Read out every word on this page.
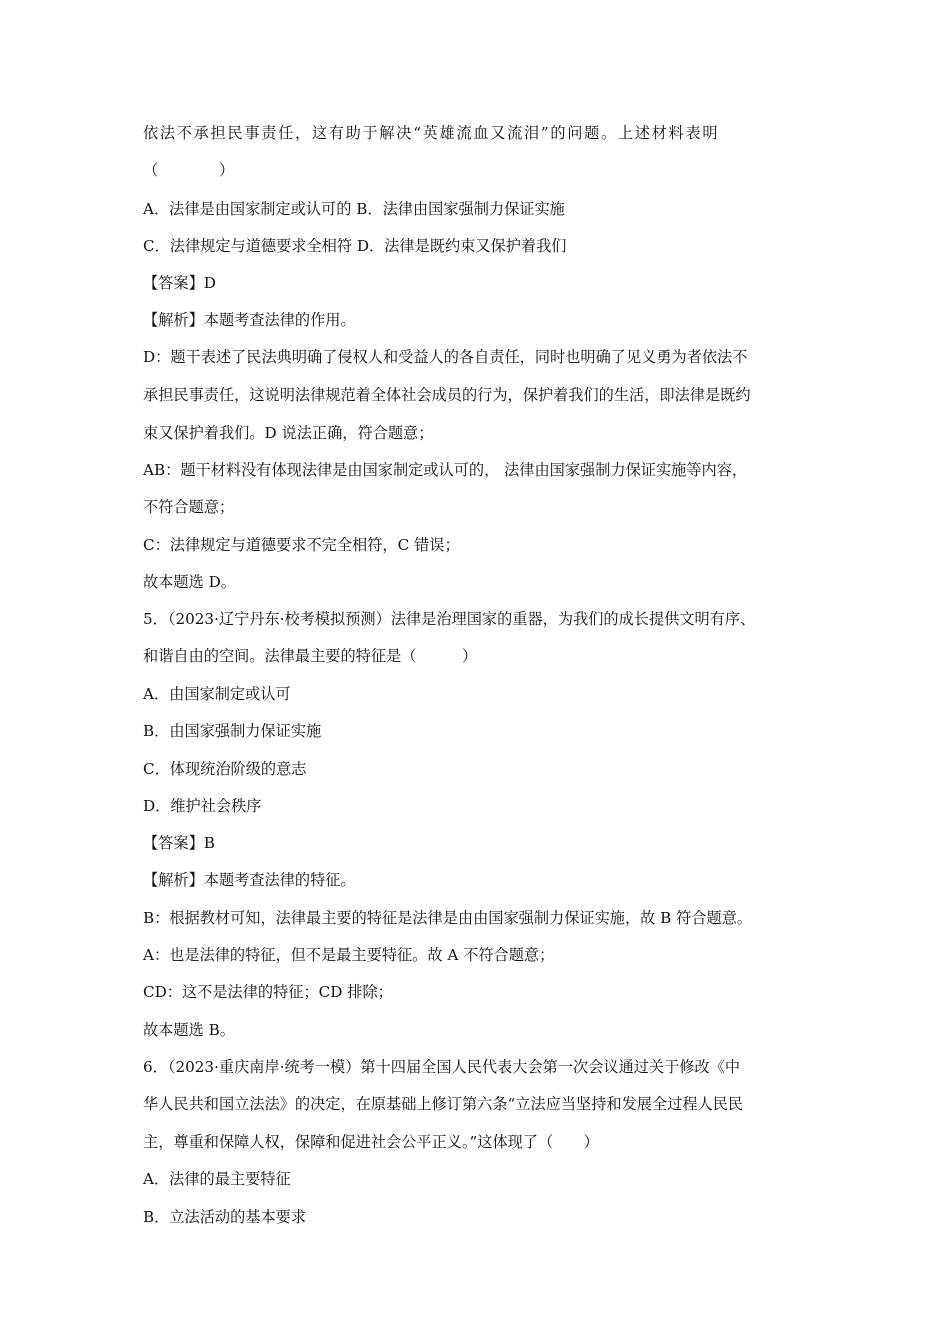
依法不承担民事责任，这有助于解决“英雄流血又流泪”的问题。上述材料表明
（　　　　）
A．法律是由国家制定或认可的 B．法律由国家强制力保证实施
C．法律规定与道德要求全相符 D．法律是既约束又保护着我们
【答案】D
【解析】本题考查法律的作用。
D：题干表述了民法典明确了侵权人和受益人的各自责任，同时也明确了见义勇为者依法不
承担民事责任，这说明法律规范着全体社会成员的行为，保护着我们的生活，即法律是既约
束又保护着我们。D 说法正确，符合题意；
AB：题干材料没有体现法律是由国家制定或认可的， 法律由国家强制力保证实施等内容，
不符合题意；
C：法律规定与道德要求不完全相符，C 错误；
故本题选 D。
5．（2023·辽宁丹东·校考模拟预测）法律是治理国家的重器，为我们的成长提供文明有序、
和谐自由的空间。法律最主要的特征是（　　　）
A．由国家制定或认可
B．由国家强制力保证实施
C．体现统治阶级的意志
D．维护社会秩序
【答案】B
【解析】本题考查法律的特征。
B：根据教材可知，法律最主要的特征是法律是由由国家强制力保证实施，故 B 符合题意。
A：也是法律的特征，但不是最主要特征。故 A 不符合题意；
CD：这不是法律的特征；CD 排除；
故本题选 B。
6．（2023·重庆南岸·统考一模）第十四届全国人民代表大会第一次会议通过关于修改《中
华人民共和国立法法》的决定，在原基础上修订第六条“立法应当坚持和发展全过程人民民
主，尊重和保障人权，保障和促进社会公平正义。”这体现了（　　）
A．法律的最主要特征
B．立法活动的基本要求
